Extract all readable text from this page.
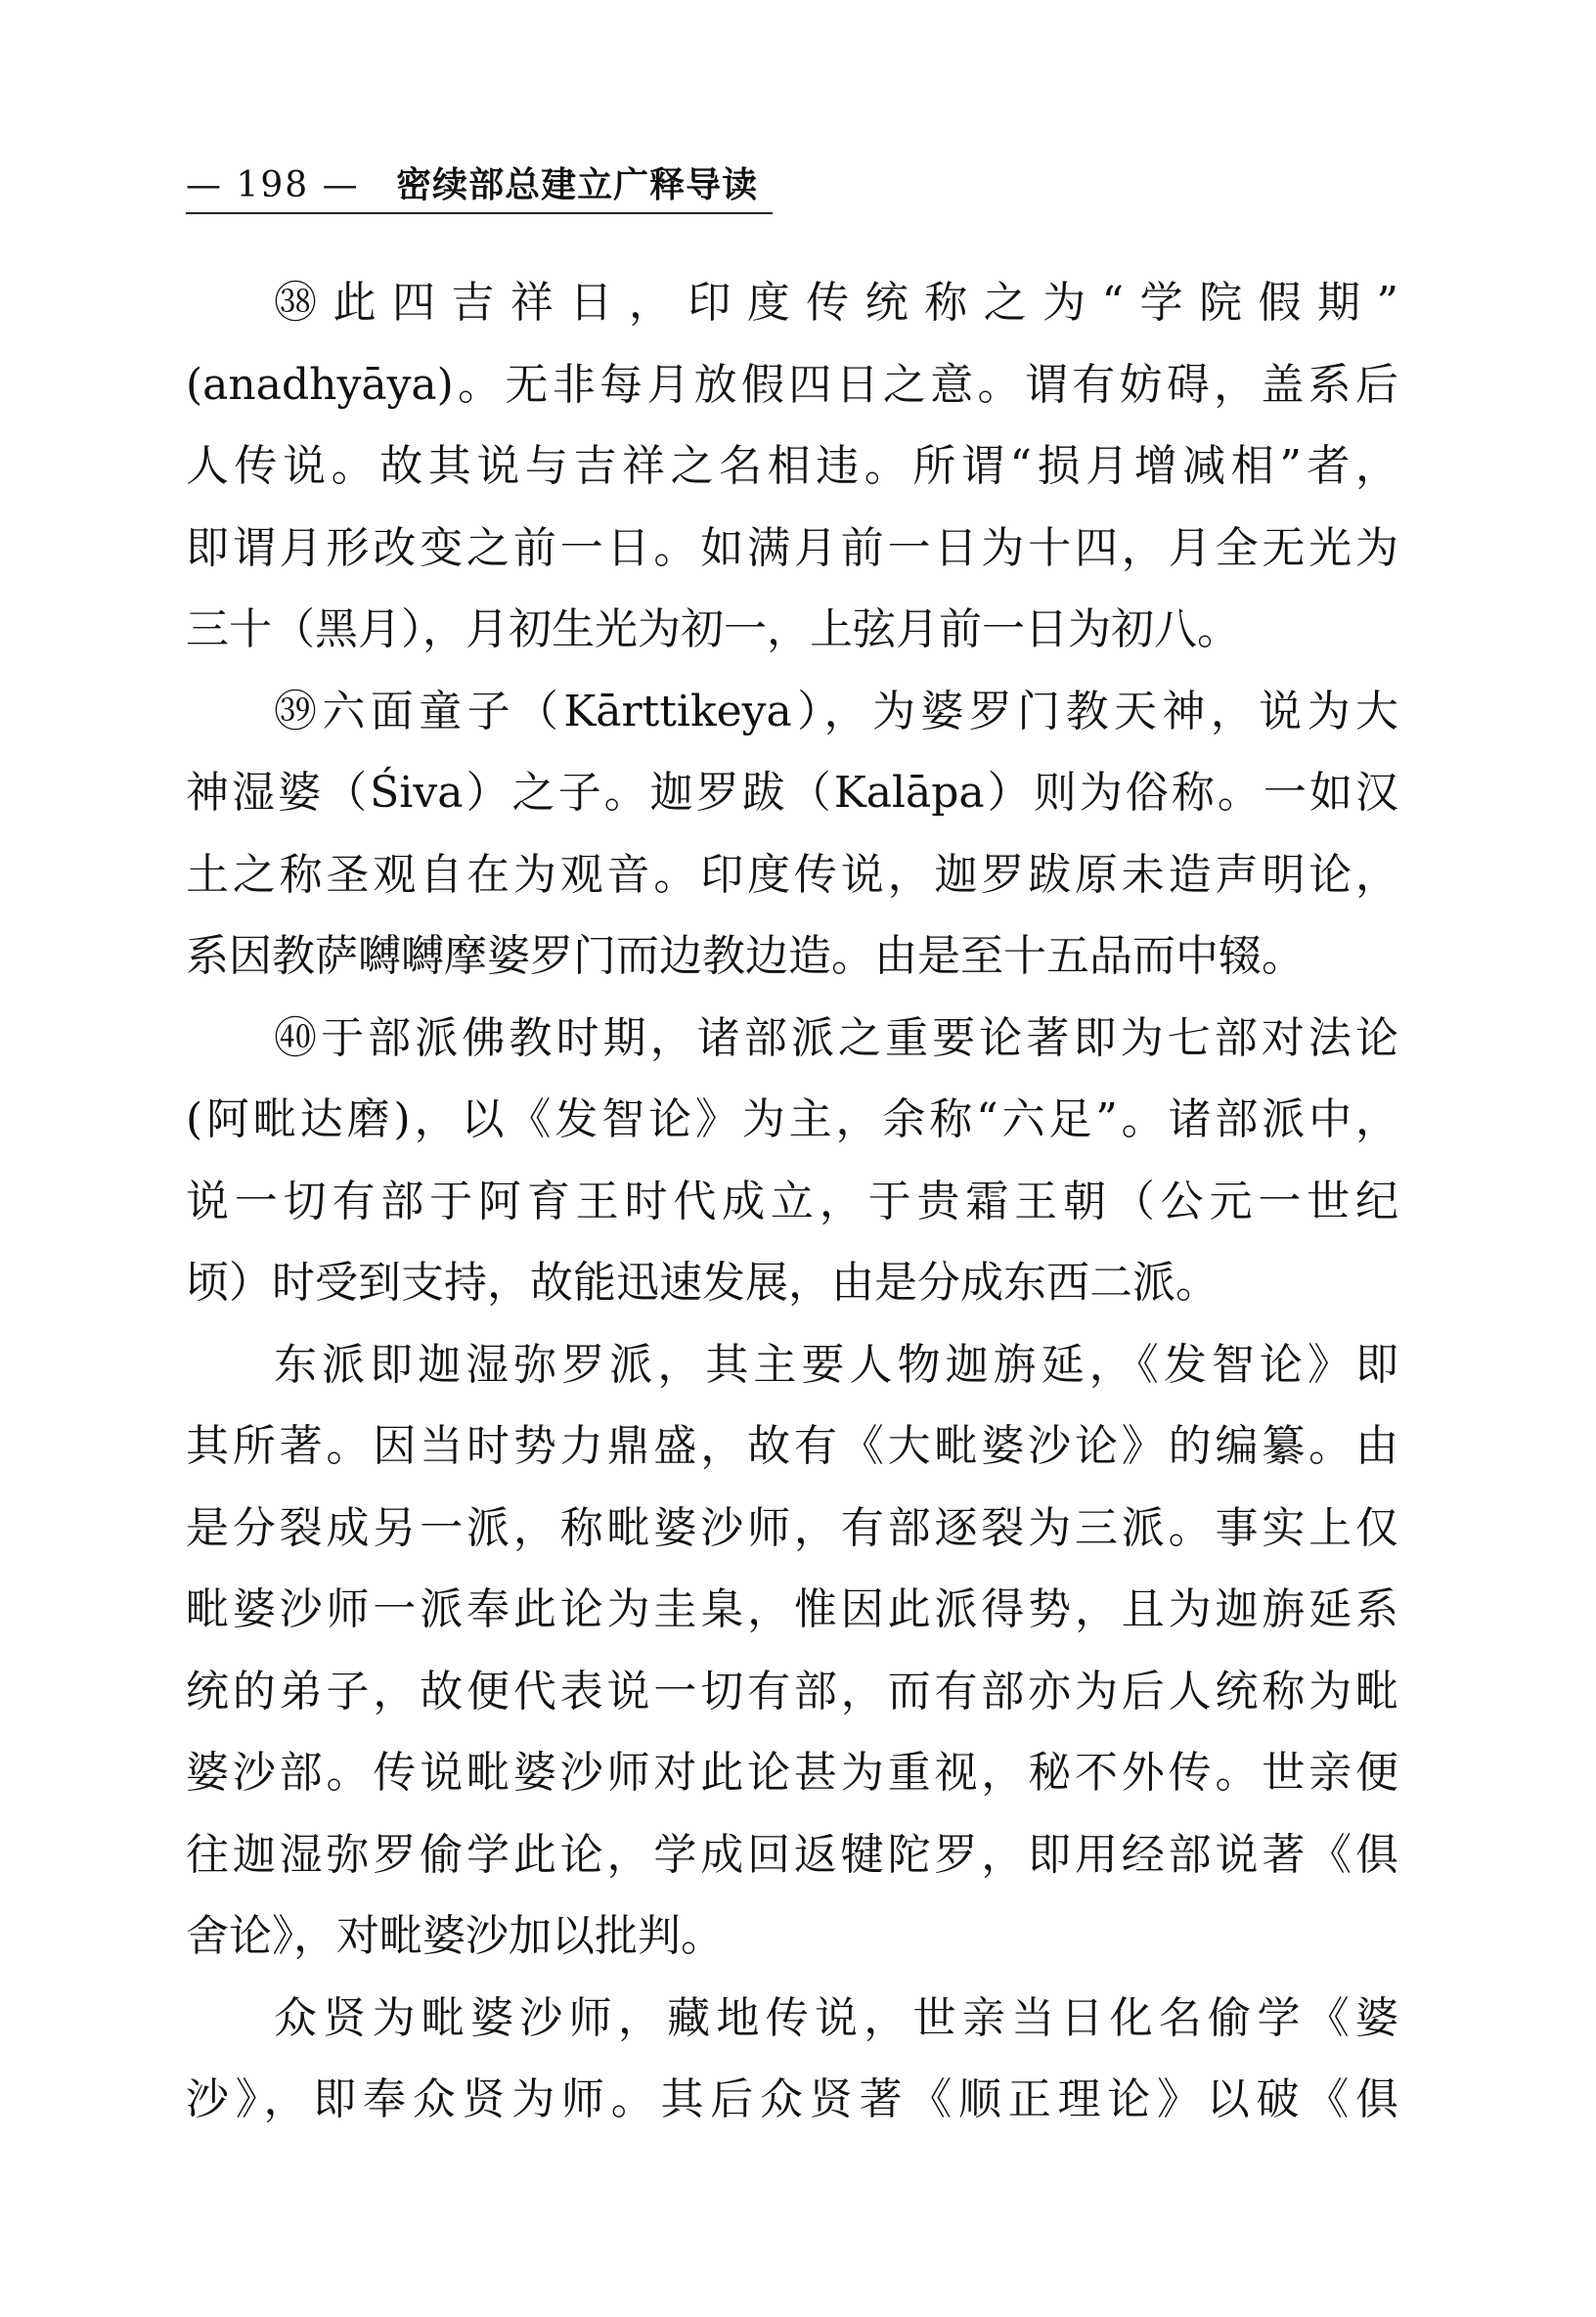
— 198 — 密续部总建立广释导读
㊳此四吉祥日，印度传统称之为“学院假期”
(anadhyāya)。无非每月放假四日之意。谓有妨碍，盖系后
人传说。故其说与吉祥之名相违。所谓“损月增减相”者，
即谓月形改变之前一日。如满月前一日为十四，月全无光为
三十（黑月），月初生光为初一，上弦月前一日为初八。
㊴六面童子（Kārttikeya），为婆罗门教天神，说为大
神湿婆（Śiva）之子。迦罗跋（Kalāpa）则为俗称。一如汉
土之称圣观自在为观音。印度传说，迦罗跋原未造声明论，
系因教萨嚩嚩摩婆罗门而边教边造。由是至十五品而中辍。
㊵于部派佛教时期，诸部派之重要论著即为七部对法论
(阿毗达磨)，以《发智论》为主，余称“六足”。诸部派中，
说一切有部于阿育王时代成立，于贵霜王朝（公元一世纪
顷）时受到支持，故能迅速发展，由是分成东西二派。
东派即迦湿弥罗派，其主要人物迦旃延，《发智论》即
其所著。因当时势力鼎盛，故有《大毗婆沙论》的编纂。由
是分裂成另一派，称毗婆沙师，有部逐裂为三派。事实上仅
毗婆沙师一派奉此论为圭臬，惟因此派得势，且为迦旃延系
统的弟子，故便代表说一切有部，而有部亦为后人统称为毗
婆沙部。传说毗婆沙师对此论甚为重视，秘不外传。世亲便
往迦湿弥罗偷学此论，学成回返犍陀罗，即用经部说著《俱
舍论》，对毗婆沙加以批判。
众贤为毗婆沙师，藏地传说，世亲当日化名偷学《婆
沙》，即奉众贤为师。其后众贤著《顺正理论》以破《俱
